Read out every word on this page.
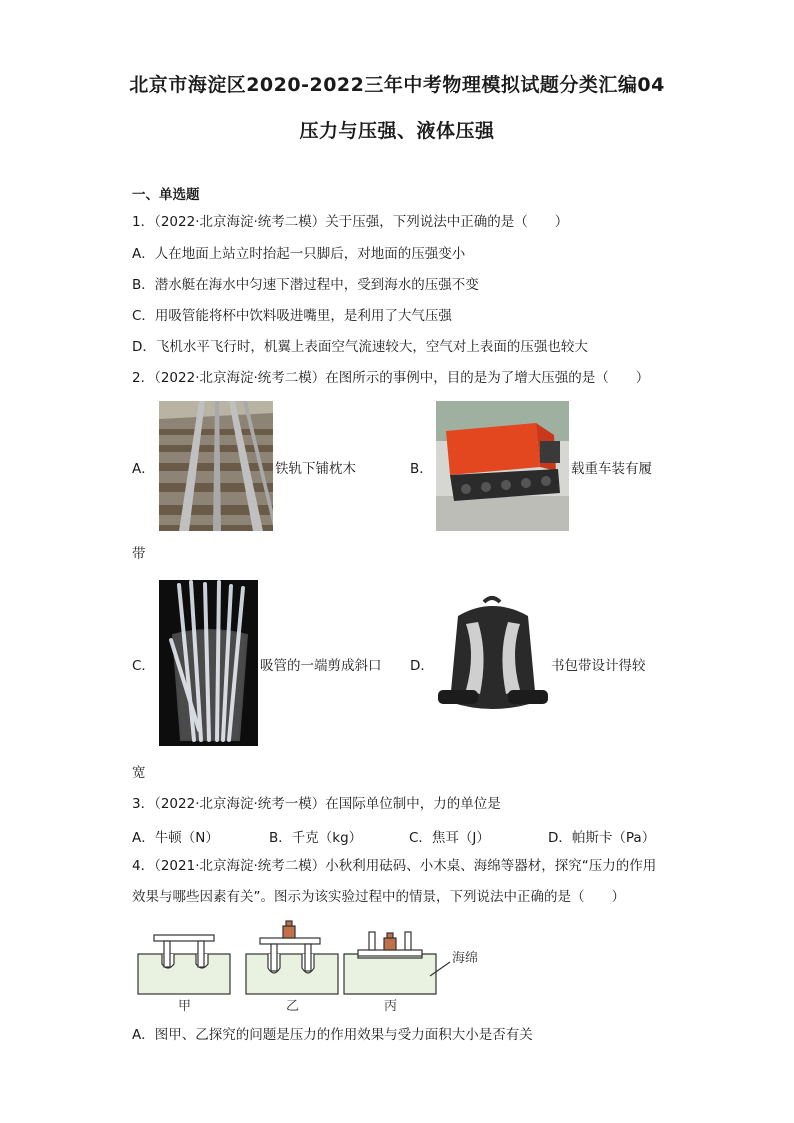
北京市海淀区2020-2022三年中考物理模拟试题分类汇编04
压力与压强、液体压强
一、单选题
1．（2022·北京海淀·统考二模）关于压强，下列说法中正确的是（　　）
A．人在地面上站立时抬起一只脚后，对地面的压强变小
B．潜水艇在海水中匀速下潜过程中，受到海水的压强不变
C．用吸管能将杯中饮料吸进嘴里，是利用了大气压强
D．飞机水平飞行时，机翼上表面空气流速较大，空气对上表面的压强也较大
2．（2022·北京海淀·统考二模）在图所示的事例中，目的是为了增大压强的是（　　）
A．	铁轨下铺枕木	B．	载重车装有履
带
C．	吸管的一端剪成斜口 D．	书包带设计得较
宽
3．（2022·北京海淀·统考一模）在国际单位制中，力的单位是
A．牛顿（N）	B．千克（kg）	C．焦耳（J）	D．帕斯卡（Pa）
4．（2021·北京海淀·统考二模）小秋利用砝码、小木桌、海绵等器材，探究“压力的作用
效果与哪些因素有关”。图示为该实验过程中的情景，下列说法中正确的是（　　）
海绵
甲	乙	丙
A．图甲、乙探究的问题是压力的作用效果与受力面积大小是否有关
